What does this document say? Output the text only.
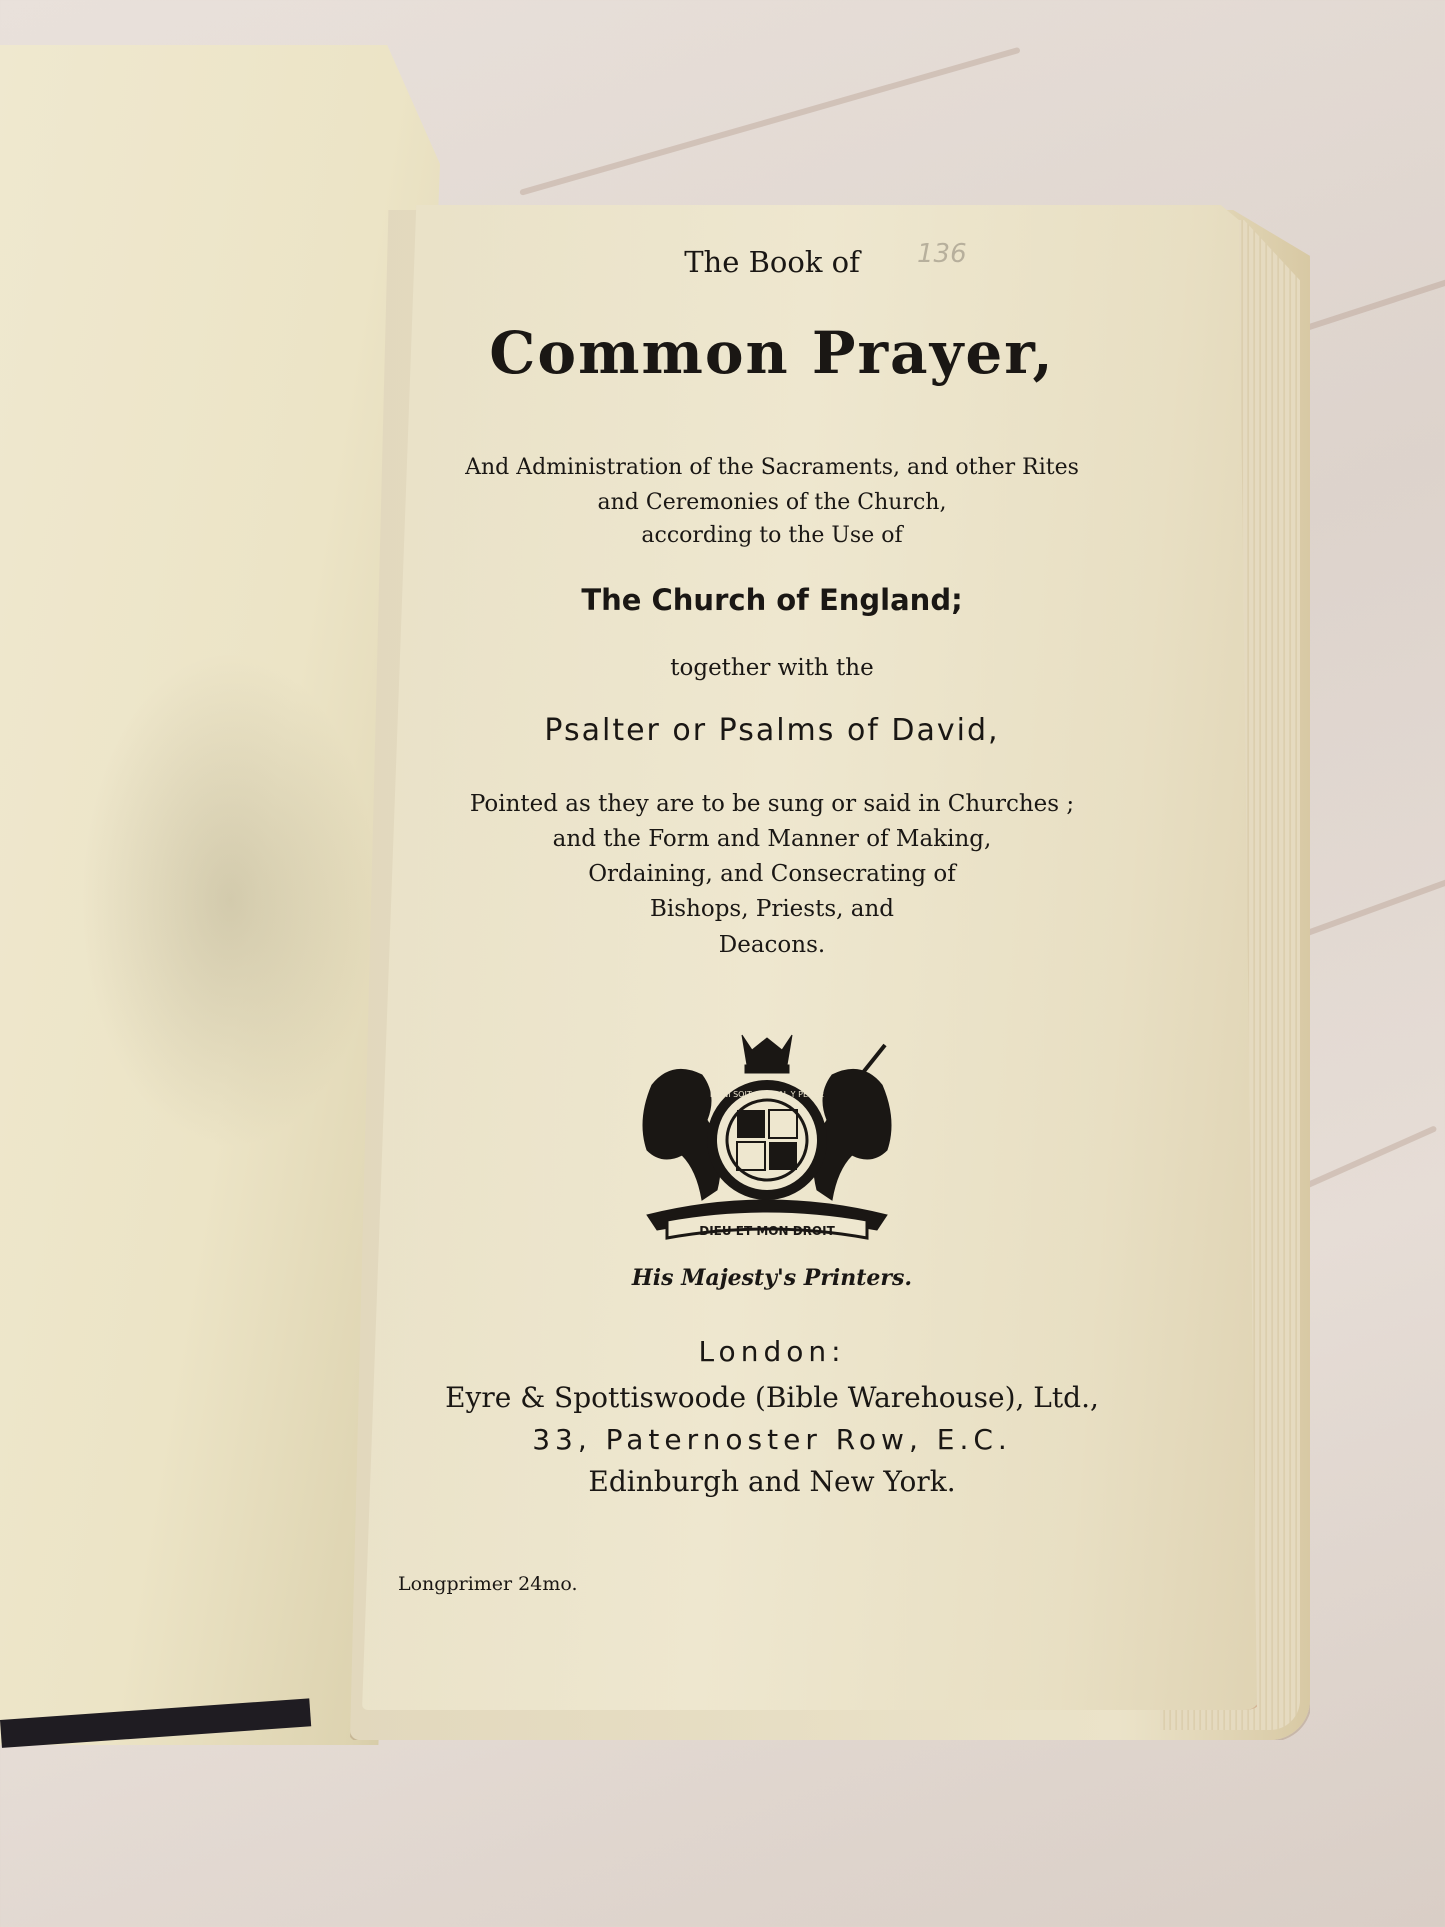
136
The Book of
Common Prayer,
And Administration of the Sacraments, and other Rites
and Ceremonies of the Church,
according to the Use of
The Church of England;
together with the
Psalter or Psalms of David,
Pointed as they are to be sung or said in Churches ;
and the Form and Manner of Making,
Ordaining, and Consecrating of
Bishops, Priests, and
Deacons.
DIEU ET MON DROIT
HONI SOIT QUI MAL Y PENSE
His Majesty's Printers.
London:
Eyre & Spottiswoode (Bible Warehouse), Ltd.,
33, Paternoster Row, E.C.
Edinburgh and New York.
Longprimer 24mo.
